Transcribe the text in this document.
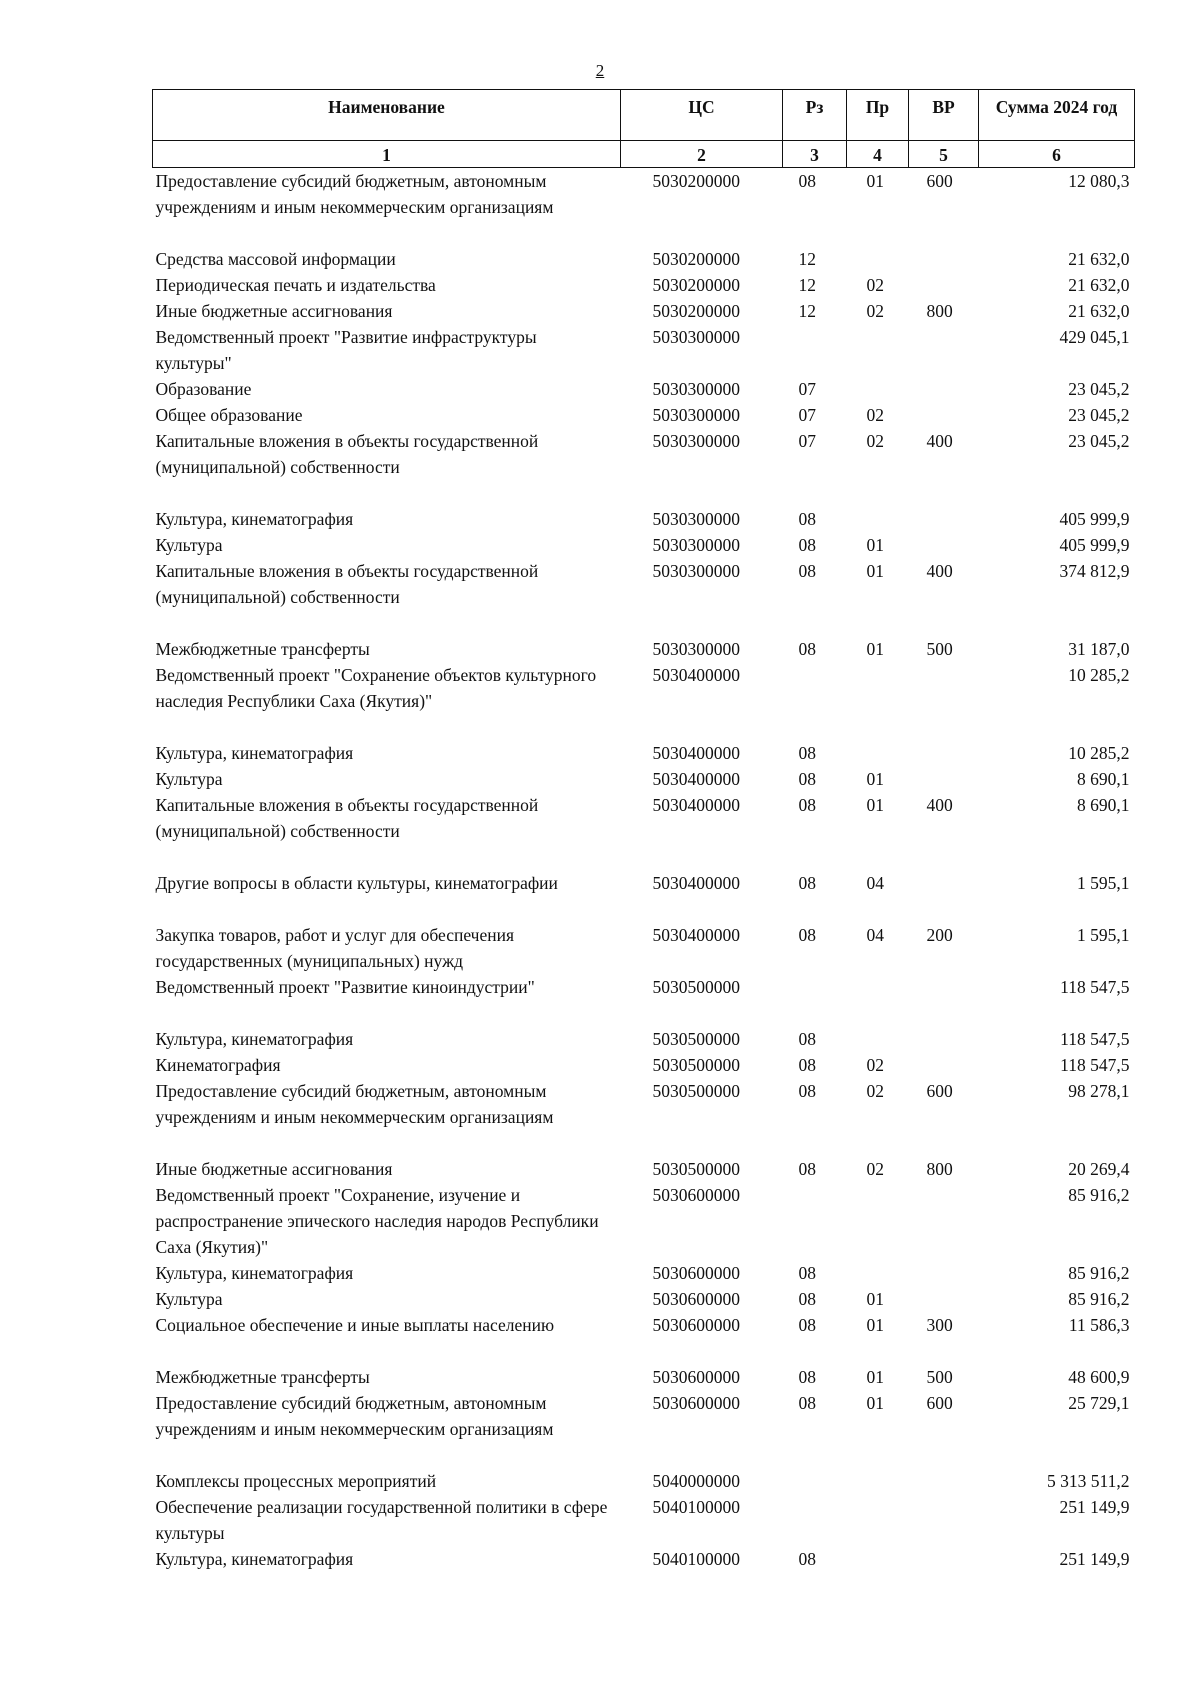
2
Наименование	ЦС	Рз	Пр	ВР	Сумма 2024 год
1	2	3	4	5	6
Предоставление субсидий бюджетным, автономным учреждениям и иным некоммерческим организациям	5030200000	08	01	600	12 080,3
Средства массовой информации	5030200000	12			21 632,0
Периодическая печать и издательства	5030200000	12	02		21 632,0
Иные бюджетные ассигнования	5030200000	12	02	800	21 632,0
Ведомственный проект "Развитие инфраструктуры культуры"	5030300000				429 045,1
Образование	5030300000	07			23 045,2
Общее образование	5030300000	07	02		23 045,2
Капитальные вложения в объекты государственной (муниципальной) собственности	5030300000	07	02	400	23 045,2
Культура, кинематография	5030300000	08			405 999,9
Культура	5030300000	08	01		405 999,9
Капитальные вложения в объекты государственной (муниципальной) собственности	5030300000	08	01	400	374 812,9
Межбюджетные трансферты	5030300000	08	01	500	31 187,0
Ведомственный проект "Сохранение объектов культурного наследия Республики Саха (Якутия)"	5030400000				10 285,2
Культура, кинематография	5030400000	08			10 285,2
Культура	5030400000	08	01		8 690,1
Капитальные вложения в объекты государственной (муниципальной) собственности	5030400000	08	01	400	8 690,1
Другие вопросы в области культуры, кинематографии	5030400000	08	04		1 595,1
Закупка товаров, работ и услуг для обеспечения государственных (муниципальных) нужд	5030400000	08	04	200	1 595,1
Ведомственный проект "Развитие киноиндустрии"	5030500000				118 547,5
Культура, кинематография	5030500000	08			118 547,5
Кинематография	5030500000	08	02		118 547,5
Предоставление субсидий бюджетным, автономным учреждениям и иным некоммерческим организациям	5030500000	08	02	600	98 278,1
Иные бюджетные ассигнования	5030500000	08	02	800	20 269,4
Ведомственный проект "Сохранение, изучение и распространение эпического наследия народов Республики Саха (Якутия)"	5030600000				85 916,2
Культура, кинематография	5030600000	08			85 916,2
Культура	5030600000	08	01		85 916,2
Социальное обеспечение и иные выплаты населению	5030600000	08	01	300	11 586,3
Межбюджетные трансферты	5030600000	08	01	500	48 600,9
Предоставление субсидий бюджетным, автономным учреждениям и иным некоммерческим организациям	5030600000	08	01	600	25 729,1
Комплексы процессных мероприятий	5040000000				5 313 511,2
Обеспечение реализации государственной политики в сфере культуры	5040100000				251 149,9
Культура, кинематография	5040100000	08			251 149,9
